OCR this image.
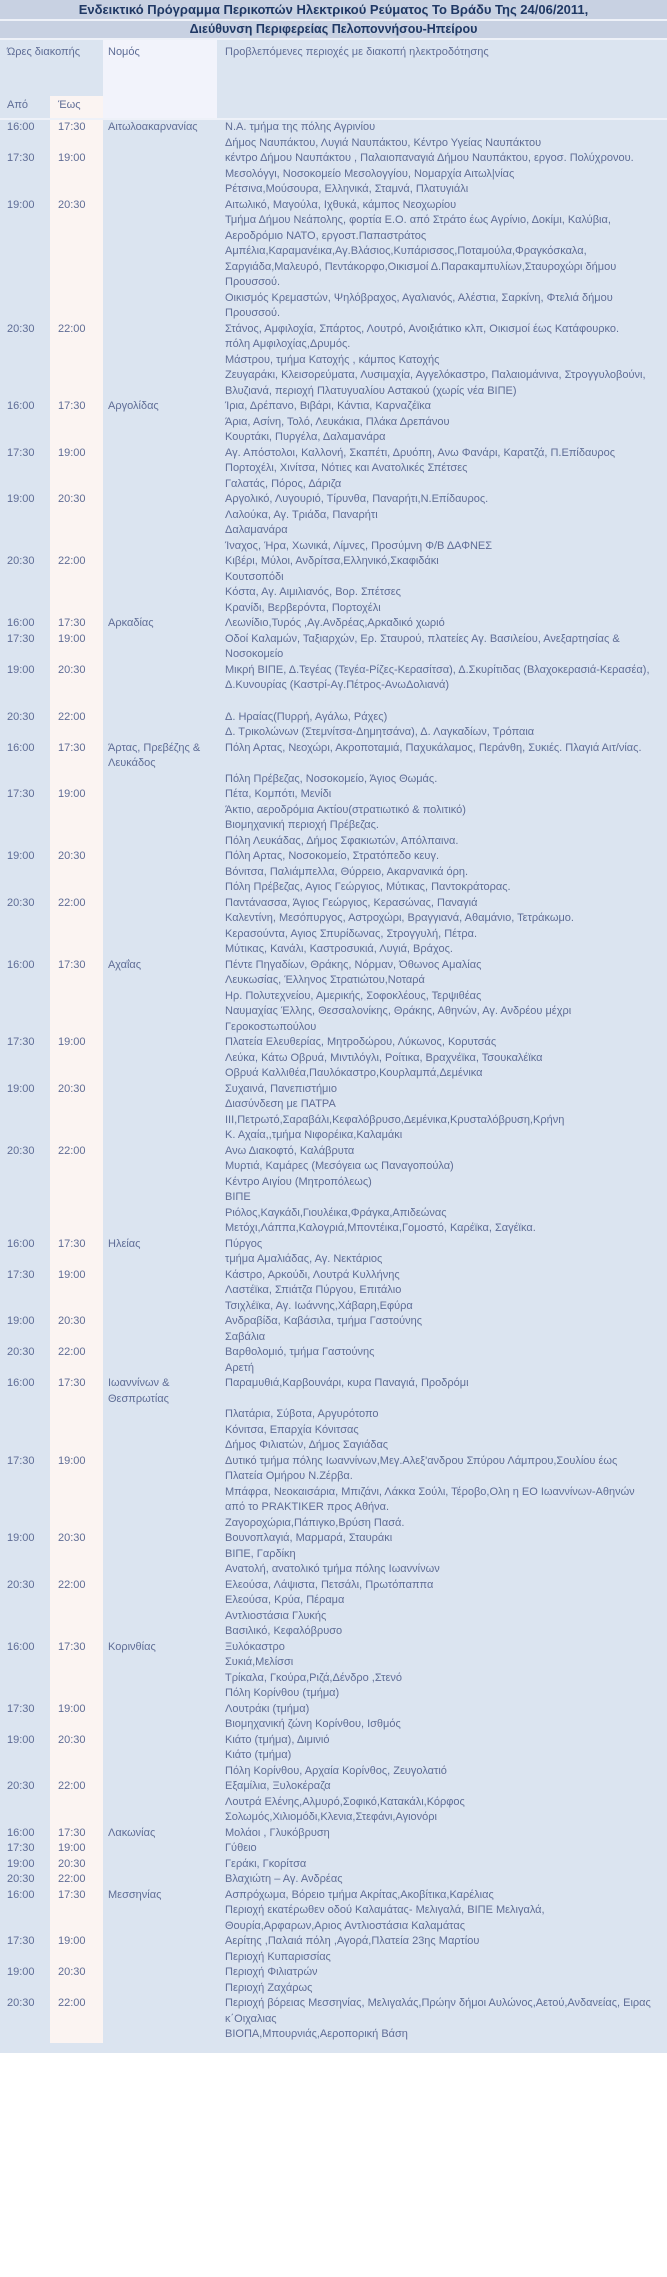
Ενδεικτικό Πρόγραμμα Περικοπών Ηλεκτρικού Ρεύματος Το Βράδυ Της 24/06/2011,
Διεύθυνση Περιφερείας Πελοποννήσου-Ηπείρου
Ώρες διακοπής	Νομός	Προβλεπόμενες περιοχές με διακοπή ηλεκτροδότησης
Από	Έως
16:00	17:30	Αιτωλοακαρνανίας	Ν.Α. τμήμα της πόλης Αγρινίου
Δήμος Ναυπάκτου, Λυγιά Ναυπάκτου, Κέντρο Υγείας Ναυπάκτου
17:30	19:00	κέντρο Δήμου Ναυπάκτου , Παλαιοπαναγιά Δήμου Ναυπάκτου, εργοσ. Πολύχρονου.
Μεσολόγγι, Νοσοκομείο Μεσολογγίου, Νομαρχία Αιτωλ|νίας
Ρέτσινα,Μούσουρα, Ελληνικά, Σταμνά, Πλατυγιάλι
19:00	20:30	Αιτωλικό, Μαγούλα, Ιχθυκά, κάμπος Νεοχωρίου
Τμήμα Δήμου Νεάπολης, φορτία Ε.Ο. από Στράτο έως Αγρίνιο, Δοκίμι, Καλύβια, Αεροδρόμιο ΝΑΤΟ, εργοστ.Παπαστράτος
Αμπέλια,Καραμανέικα,Αγ.Βλάσιος,Κυπάρισσος,Ποταμούλα,Φραγκόσκαλα, Σαργιάδα,Μαλευρό, Πεντάκορφο,Οικισμοί Δ.Παρακαμπυλίων,Σταυροχώρι δήμου Προυσσού.
Οικισμός Κρεμαστών, Ψηλόβραχος, Αγαλιανός, Αλέστια, Σαρκίνη, Φτελιά δήμου Προυσσού.
20:30	22:00	Στάνος, Αμφιλοχία, Σπάρτος, Λουτρό, Ανοιξιάτικο κλπ, Οικισμοί έως Κατάφουρκο.
πόλη Αμφιλοχίας,Δρυμός.
Μάστρου, τμήμα Κατοχής , κάμπος Κατοχής
Ζευγαράκι, Κλεισορεύματα, Λυσιμαχία, Αγγελόκαστρο, Παλαιομάνινα, Στρογγυλοβούνι, Βλυζιανά, περιοχή Πλατυγυαλίου Αστακού (χωρίς νέα ΒΙΠΕ)
16:00	17:30	Αργολίδας	Ίρια, Δρέπανο, Βιβάρι, Κάντια, Καρναζέϊκα
Άρια, Ασίνη, Τολό, Λευκάκια, Πλάκα Δρεπάνου
Κουρτάκι, Πυργέλα, Δαλαμανάρα
17:30	19:00	Αγ. Απόστολοι, Καλλονή, Σκαπέτι, Δρυόπη, Ανω Φανάρι, Καρατζά, Π.Επίδαυρος
Πορτοχέλι, Χινίτσα, Νότιες και Ανατολικές Σπέτσες
Γαλατάς, Πόρος, Δάριζα
19:00	20:30	Αργολικό, Λυγουριό, Τίρυνθα, Παναρήτι,Ν.Επίδαυρος.
Λαλούκα, Αγ. Τριάδα, Παναρήτι
Δαλαμανάρα
Ίναχος, Ήρα, Χωνικά, Λίμνες, Προσύμνη Φ/Β ΔΑΦΝΕΣ
20:30	22:00	Κιβέρι, Μύλοι, Ανδρίτσα,Ελληνικό,Σκαφιδάκι
Κουτσοπόδι
Κόστα, Αγ. Αιμιλιανός, Βορ. Σπέτσες
Κρανίδι, Βερβερόντα, Πορτοχέλι
16:00	17:30	Αρκαδίας	Λεωνίδιο,Τυρός ,Αγ.Ανδρέας,Αρκαδικό χωριό
17:30	19:00	Οδοί Καλαμών, Ταξιαρχών, Ερ. Σταυρού, πλατείες Αγ. Βασιλείου, Ανεξαρτησίας & Νοσοκομείο
19:00	20:30	Μικρή ΒΙΠΕ, Δ.Τεγέας (Τεγέα-Ρίζες-Κερασίτσα), Δ.Σκυρίτιδας (Βλαχοκερασιά-Κερασέα), Δ.Κυνουρίας (Καστρί-Αγ.Πέτρος-ΑνωΔολιανά)
20:30	22:00	Δ. Ηραίας(Πυρρή, Αγάλω, Ράχες)
Δ. Τρικολώνων (Στεμνίτσα-Δημητσάνα), Δ. Λαγκαδίων, Τρόπαια
16:00	17:30	Άρτας, Πρεβέζης & Λευκάδος
Πόλη Αρτας, Νεοχώρι, Ακροποταμιά, Παχυκάλαμος, Περάνθη, Συκιές. Πλαγιά Αιτ/νίας.
Πόλη Πρέβεζας, Νοσοκομείο, Άγιος Θωμάς.
17:30	19:00	Πέτα, Κομπότι, Μενίδι
Άκτιο, αεροδρόμια Ακτίου(στρατιωτικό & πολιτικό)
Βιομηχανική περιοχή Πρέβεζας.
Πόλη Λευκάδας, Δήμος Σφακιωτών, Απόλπαινα.
19:00	20:30	Πόλη Αρτας, Νοσοκομείο, Στρατόπεδο κευγ.
Βόνιτσα, Παλιάμπελλα, Θύρρειο, Ακαρνανικά όρη.
Πόλη Πρέβεζας, Αγιος Γεώργιος, Μύτικας, Παντοκράτορας.
20:30	22:00	Παντάνασσα, Άγιος Γεώργιος, Κερασώνας, Παναγιά
Καλεντίνη, Μεσόπυργος, Αστροχώρι, Βραγγιανά, Αθαμάνιο, Τετράκωμο.
Κερασούντα, Αγιος Σπυρίδωνας, Στρογγυλή, Πέτρα.
Μύτικας, Κανάλι, Καστροσυκιά, Λυγιά, Βράχος.
16:00	17:30	Αχαΐας	Πέντε Πηγαδίων, Θράκης, Νόρμαν, Όθωνος Αμαλίας
Λευκωσίας, Έλληνος Στρατιώτου,Νοταρά
Ηρ. Πολυτεχνείου, Αμερικής, Σοφοκλέους, Τερψιθέας
Ναυμαχίας Έλλης, Θεσσαλονίκης, Θράκης, Αθηνών, Αγ. Ανδρέου μέχρι Γεροκοστωπούλου
17:30	19:00	Πλατεία Ελευθερίας, Μητροδώρου, Λύκωνος, Κορυτσάς
Λεύκα, Κάτω Οβρυά, Μιντιλόγλι, Ροίτικα, Βραχνέϊκα, Τσουκαλέϊκα
Οβρυά Καλλιθέα,Παυλόκαστρο,Κουρλαμπά,Δεμένικα
19:00	20:30	Συχαινά, Πανεπιστήμιο
Διασύνδεση με ΠΑΤΡΑ ΙΙΙ,Πετρωτό,Σαραβάλι,Κεφαλόβρυσο,Δεμένικα,Κρυσταλόβρυση,Κρήνη
Κ. Αχαία,,τμήμα Νιφορέικα,Καλαμάκι
20:30	22:00	Ανω Διακοφτό, Καλάβρυτα
Μυρτιά, Καμάρες (Μεσόγεια ως Παναγοπούλα)
Κέντρο Αιγίου (Μητροπόλεως)
ΒΙΠΕ
Ριόλος,Καγκάδι,Γιουλέικα,Φράγκα,Απιδεώνας
Μετόχι,Λάππα,Καλογριά,Μποντέικα,Γομοστό, Καρέϊκα, Σαγέϊκα.
16:00	17:30	Ηλείας	Πύργος
τμήμα Αμαλιάδας, Αγ. Νεκτάριος
17:30	19:00	Κάστρο, Αρκούδι, Λουτρά Κυλλήνης
Λαστέϊκα, Σπιάτζα Πύργου, Επιτάλιο
Τσιχλέϊκα, Αγ. Ιωάννης,Χάβαρη,Εφύρα
19:00	20:30	Ανδραβίδα, Καβάσιλα, τμήμα Γαστούνης
Σαβάλια
20:30	22:00	Βαρθολομιό, τμήμα Γαστούνης
Αρετή
16:00	17:30	Ιωαννίνων & Θεσπρωτίας
Παραμυθιά,Καρβουνάρι, κυρα Παναγιά, Προδρόμι
Πλατάρια, Σύβοτα, Αργυρότοπο
Κόνιτσα, Επαρχία Κόνιτσας
Δήμος Φιλιατών, Δήμος Σαγιάδας
17:30	19:00	Δυτικό τμήμα πόλης Ιωαννίνων,Μεγ.Αλεξ'ανδρου Σπύρου Λάμπρου,Σουλίου έως Πλατεία Ομήρου Ν.Ζέρβα.
Μπάφρα, Νεοκαισάρια, Μπιζάνι, Λάκκα Σούλι, Τέροβο,Ολη η ΕΟ Ιωαννίνων-Αθηνών από το PRAKTIKER προς Αθήνα.
Ζαγοροχώρια,Πάπιγκο,Βρύση Πασά.
19:00	20:30	Βουνοπλαγιά, Μαρμαρά, Σταυράκι
ΒΙΠΕ, Γαρδίκη
Ανατολή, ανατολικό τμήμα πόλης Ιωαννίνων
20:30	22:00	Ελεούσα, Λάψιστα, Πετσάλι, Πρωτόπαππα
Ελεούσα, Κρύα, Πέραμα
Αντλιοστάσια Γλυκής
Βασιλικό, Κεφαλόβρυσο
16:00	17:30	Κορινθίας	Ξυλόκαστρο
Συκιά,Μελίσσι
Τρίκαλα, Γκούρα,Ριζά,Δένδρο ,Στενό
Πόλη Κορίνθου (τμήμα)
17:30	19:00	Λουτράκι (τμήμα)
Βιομηχανική ζώνη Κορίνθου, Ισθμός
19:00	20:30	Κιάτο (τμήμα), Διμινιό
Κιάτο (τμήμα)
Πόλη Κορίνθου, Αρχαία Κορίνθος, Ζευγολατιό
20:30	22:00	Εξαμίλια, Ξυλοκέραζα
Λουτρά Ελένης,Αλμυρό,Σοφικό,Κατακάλι,Κόρφος
Σολωμός,Χιλιομόδι,Κλενια,Στεφάνι,Αγιονόρι
16:00	17:30	Λακωνίας	Μολάοι , Γλυκόβρυση
17:30	19:00	Γύθειο
19:00	20:30	Γεράκι, Γκορίτσα
20:30	22:00	Βλαχιώτη – Αγ. Ανδρέας
16:00	17:30	Μεσσηνίας	Ασπρόχωμα, Βόρειο τμήμα Ακρίτας,Ακοβίτικα,Καρέλιας
Περιοχή εκατέρωθεν οδού Καλαμάτας- Μελιγαλά, ΒΙΠΕ Μελιγαλά, Θουρία,Αρφαρων,Αριος Αντλιοστάσια Καλαμάτας
17:30	19:00	Αερίτης ,Παλαιά πόλη ,Αγορά,Πλατεία 23ης Μαρτίου
Περιοχή Κυπαρισσίας
19:00	20:30	Περιοχή Φιλιατρών
Περιοχή Ζαχάρως
20:30	22:00	Περιοχή βόρειας Μεσσηνίας, Μελιγαλάς,Πρώην δήμοι Αυλώνος,Αετού,Ανδανείας, Ειρας κ΄Οιχαλιας
ΒΙΟΠΑ,Μπουρνιάς,Αεροπορική Βάση
